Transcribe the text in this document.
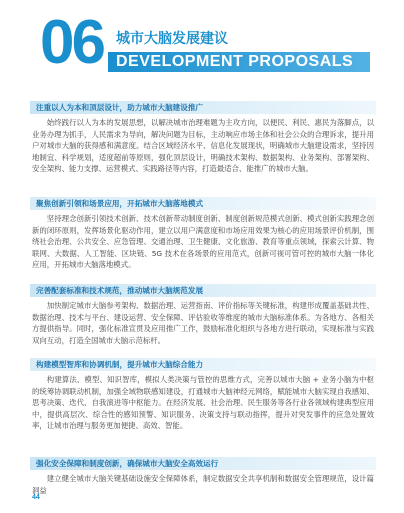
06 城市大脑发展建议
DEVELOPMENT PROPOSALS
注重以人为本和顶层设计，助力城市大脑建设推广

始终践行以人为本的发展思想，以解决城市治理难题为主攻方向，以便民、利民、惠民为落脚点，以业务办理为抓手，人民需求为导向，解决问题为目标，主动响应市场主体和社会公众的合理诉求，提升用户对城市大脑的获得感和满意度。结合区域经济水平、信息化发展现状，明确城市大脑建设需求，坚持因地制宜、科学规划，适度超前等原则，强化顶层设计，明确技术架构、数据架构、业务架构、部署架构、安全架构、能力支撑、运营模式、实践路径等内容，打造最适合、能推广的城市大脑。

聚焦创新引领和场景应用，开拓城市大脑落地模式

坚持理念创新引领技术创新、技术创新带动制度创新、制度创新规范模式创新、模式创新实践理念创新的闭环原则，发挥场景化驱动作用，建立以用户满意度和市场应用效果为核心的应用场景评价机制，围绕社会治理、公共安全、应急管理、交通治理、卫生健康、文化旅游、教育等重点领域，探索云计算、物联网、大数据、人工智能、区块链、5G 技术在各场景的应用范式，创新可视可管可控的城市大脑一体化应用，开拓城市大脑落地模式。

完善配套标准和技术规范，推动城市大脑规范发展

加快制定城市大脑参考架构、数据治理、运营指南、评价指标等关键标准，构建形成覆盖基础共性、数据治理、技术与平台、建设运营、安全保障、评估验收等维度的城市大脑标准体系。为各地方、各相关方提供指导。同时，强化标准宣贯及应用推广工作，鼓励标准化组织与各地方进行联动，实现标准与实践双向互动，打造全国城市大脑示范标杆。

构建模型智库和协调机制，提升城市大脑综合能力

构建算法、模型、知识智库，模拟人类决策与管控的思维方式，完善以城市大脑 + 业务小脑为中枢的统筹协调联动机制，加强全域物联感知建设，打通城市大脑神经元网络，赋能城市大脑实现自我感知、思考决策、迭代、自我演进等中枢能力。在经济发展、社会治理、民生服务等各行业各领域构建典型应用中，提供高层次、综合性的感知预警、知识服务、决策支持与联动指挥，提升对突发事件的应急处置效率，让城市治理与服务更加便捷、高效、智能。

强化安全保障和制度创新，确保城市大脑安全高效运行

建立健全城市大脑关键基础设施安全保障体系，制定数据安全共享机制和数据安全管理规范，设计篇洞益

44
